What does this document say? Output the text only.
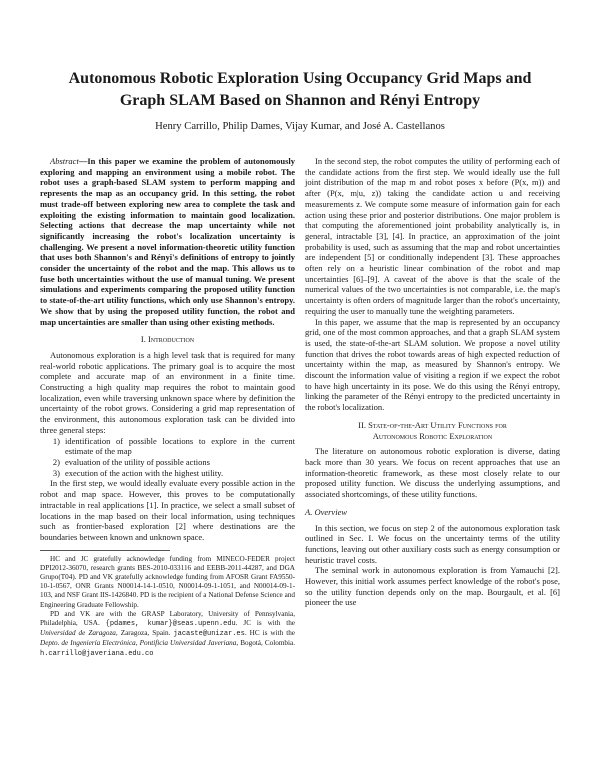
Autonomous Robotic Exploration Using Occupancy Grid Maps and
Graph SLAM Based on Shannon and Rényi Entropy
Henry Carrillo, Philip Dames, Vijay Kumar, and José A. Castellanos

Abstract—In this paper we examine the problem of autonomously exploring and mapping an environment using a mobile robot. The robot uses a graph-based SLAM system to perform mapping and represents the map as an occupancy grid. In this setting, the robot must trade-off between exploring new area to complete the task and exploiting the existing information to maintain good localization. Selecting actions that decrease the map uncertainty while not significantly increasing the robot's localization uncertainty is challenging. We present a novel information-theoretic utility function that uses both Shannon's and Rényi's definitions of entropy to jointly consider the uncertainty of the robot and the map. This allows us to fuse both uncertainties without the use of manual tuning. We present simulations and experiments comparing the proposed utility function to state-of-the-art utility functions, which only use Shannon's entropy. We show that by using the proposed utility function, the robot and map uncertainties are smaller than using other existing methods.

I. Introduction

Autonomous exploration is a high level task that is required for many real-world robotic applications. The primary goal is to acquire the most complete and accurate map of an environment in a finite time. Constructing a high quality map requires the robot to maintain good localization, even while traversing unknown space where by definition the uncertainty of the robot grows. Considering a grid map representation of the environment, this autonomous exploration task can be divided into three general steps:

1) identification of possible locations to explore in the current estimate of the map
2) evaluation of the utility of possible actions
3) execution of the action with the highest utility.

In the first step, we would ideally evaluate every possible action in the robot and map space. However, this proves to be computationally intractable in real applications [1]. In practice, we select a small subset of locations in the map based on their local information, using techniques such as frontier-based exploration [2] where destinations are the boundaries between known and unknown space.

HC and JC gratefully acknowledge funding from MINECO-FEDER project DPI2012-36070, research grants BES-2010-033116 and EEBB-2011-44287, and DGA Grupo(T04). PD and VK gratefully acknowledge funding from AFOSR Grant FA9550-10-1-0567, ONR Grants N00014-14-1-0510, N00014-09-1-1051, and N00014-09-1-103, and NSF Grant IIS-1426840. PD is the recipient of a National Defense Science and Engineering Graduate Fellowship.

PD and VK are with the GRASP Laboratory, University of Pennsylvania, Philadelphia, USA. {pdames, kumar}@seas.upenn.edu. JC is with the Universidad de Zaragoza, Zaragoza, Spain. jacaste@unizar.es. HC is with the Depto. de Ingeniería Electrónica, Pontificia Universidad Javeriana, Bogotá, Colombia. h.carrillo@javeriana.edu.co

In the second step, the robot computes the utility of performing each of the candidate actions from the first step. We would ideally use the full joint distribution of the map m and robot poses x before (P(x, m)) and after (P(x, m|u, z)) taking the candidate action u and receiving measurements z. We compute some measure of information gain for each action using these prior and posterior distributions. One major problem is that computing the aforementioned joint probability analytically is, in general, intractable [3], [4]. In practice, an approximation of the joint probability is used, such as assuming that the map and robot uncertainties are independent [5] or conditionally independent [3]. These approaches often rely on a heuristic linear combination of the robot and map uncertainties [6]–[9]. A caveat of the above is that the scale of the numerical values of the two uncertainties is not comparable, i.e. the map's uncertainty is often orders of magnitude larger than the robot's uncertainty, requiring the user to manually tune the weighting parameters.

In this paper, we assume that the map is represented by an occupancy grid, one of the most common approaches, and that a graph SLAM system is used, the state-of-the-art SLAM solution. We propose a novel utility function that drives the robot towards areas of high expected reduction of uncertainty within the map, as measured by Shannon's entropy. We discount the information value of visiting a region if we expect the robot to have high uncertainty in its pose. We do this using the Rényi entropy, linking the parameter of the Rényi entropy to the predicted uncertainty in the robot's localization.

II. State-of-the-Art Utility Functions for
Autonomous Robotic Exploration

The literature on autonomous robotic exploration is diverse, dating back more than 30 years. We focus on recent approaches that use an information-theoretic framework, as these most closely relate to our proposed utility function. We discuss the underlying assumptions, and associated shortcomings, of these utility functions.

A. Overview

In this section, we focus on step 2 of the autonomous exploration task outlined in Sec. I. We focus on the uncertainty terms of the utility functions, leaving out other auxiliary costs such as energy consumption or heuristic travel costs.

The seminal work in autonomous exploration is from Yamauchi [2]. However, this initial work assumes perfect knowledge of the robot's pose, so the utility function depends only on the map. Bourgault, et al. [6] pioneer the use
